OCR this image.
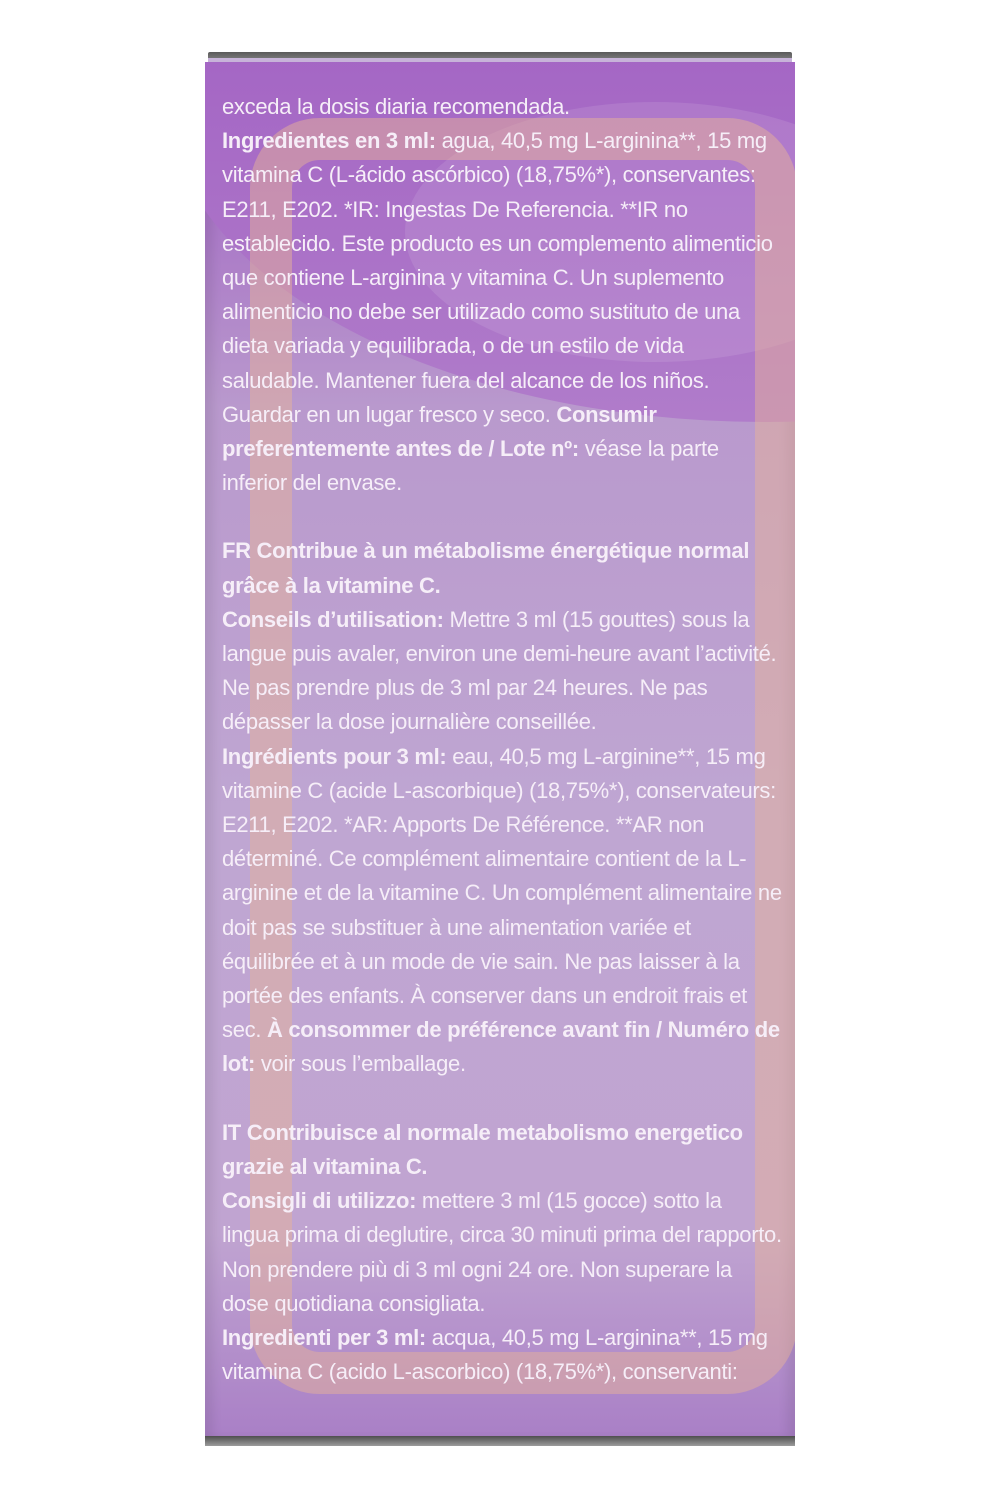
exceda la dosis diaria recomendada.
Ingredientes en 3 ml: agua, 40,5 mg L-arginina**, 15 mg vitamina C (L-ácido ascórbico) (18,75%*), conservantes: E211, E202. *IR: Ingestas De Referencia. **IR no establecido. Este producto es un complemento alimenticio que contiene L-arginina y vitamina C. Un suplemento alimenticio no debe ser utilizado como sustituto de una dieta variada y equilibrada, o de un estilo de vida saludable. Mantener fuera del alcance de los niños. Guardar en un lugar fresco y seco. Consumir preferentemente antes de / Lote nº: véase la parte inferior del envase.

FR Contribue à un métabolisme énergétique normal grâce à la vitamine C.
Conseils d’utilisation: Mettre 3 ml (15 gouttes) sous la langue puis avaler, environ une demi-heure avant l’activité. Ne pas prendre plus de 3 ml par 24 heures. Ne pas dépasser la dose journalière conseillée.
Ingrédients pour 3 ml: eau, 40,5 mg L-arginine**, 15 mg vitamine C (acide L-ascorbique) (18,75%*), conservateurs: E211, E202. *AR: Apports De Référence. **AR non déterminé. Ce complément alimentaire contient de la L-arginine et de la vitamine C. Un complément alimentaire ne doit pas se substituer à une alimentation variée et équilibrée et à un mode de vie sain. Ne pas laisser à la portée des enfants. À conserver dans un endroit frais et sec. À consommer de préférence avant fin / Numéro de lot: voir sous l’emballage.

IT Contribuisce al normale metabolismo energetico grazie al vitamina C.
Consigli di utilizzo: mettere 3 ml (15 gocce) sotto la lingua prima di deglutire, circa 30 minuti prima del rapporto. Non prendere più di 3 ml ogni 24 ore. Non superare la dose quotidiana consigliata.
Ingredienti per 3 ml: acqua, 40,5 mg L-arginina**, 15 mg vitamina C (acido L-ascorbico) (18,75%*), conservanti:
